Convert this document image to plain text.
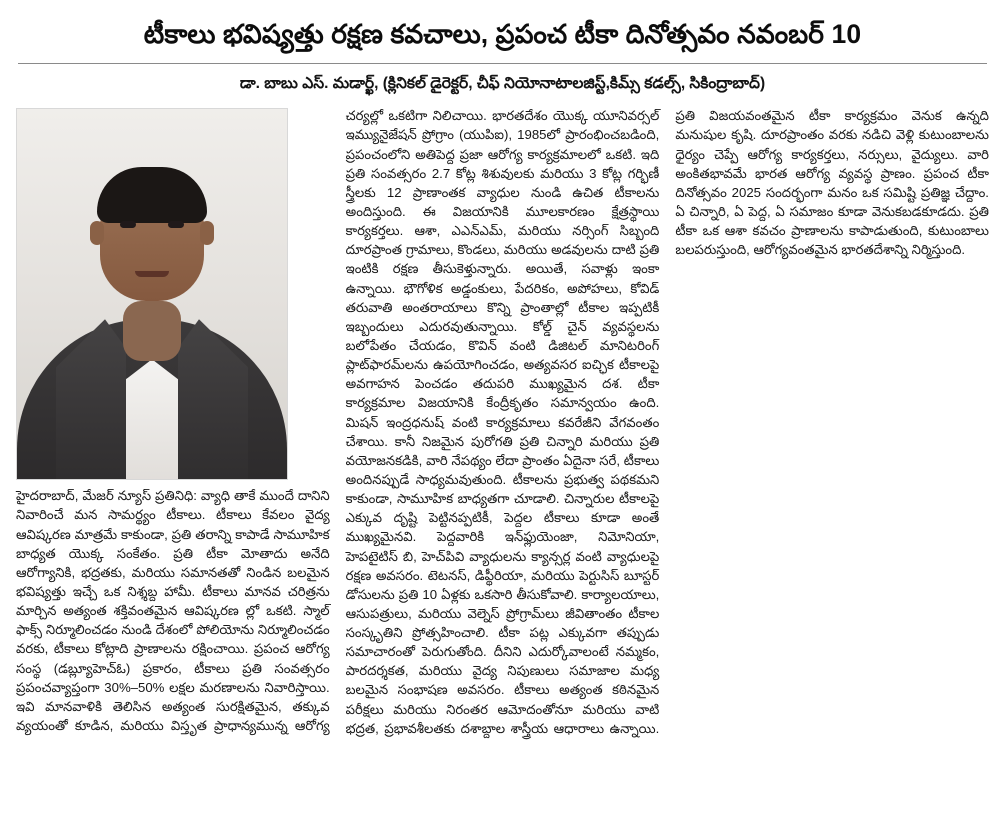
టీకాలు భవిష్యత్తు రక్షణ కవచాలు, ప్రపంచ టీకా దినోత్సవం నవంబర్ 10
డా. బాబు ఎస్. మడార్ఖ్, (క్లినికల్ డైరెక్టర్, చీఫ్ నియోనాటాలజిస్ట్,కిమ్స్ కడల్స్, సికింద్రాబాద్)

హైదరాబాద్, మేజర్ న్యూస్ ప్రతినిధి: వ్యాధి తాకే ముందే దానిని నివారించే మన సామర్థ్యం టీకాలు. టీకాలు కేవలం వైద్య ఆవిష్కరణ మాత్రమే కాకుండా, ప్రతి తరాన్ని కాపాడే సామూహిక బాధ్యత యొక్క సంకేతం. ప్రతి టీకా మోతాదు అనేది ఆరోగ్యానికి, భద్రతకు, మరియు సమానతతో నిండిన బలమైన భవిష్యత్తు ఇచ్చే ఒక నిశ్శబ్ద హామీ. టీకాలు మానవ చరిత్రను మార్చిన అత్యంత శక్తివంతమైన ఆవిష్కరణ ల్లో ఒకటి. స్మాల్ ఫాక్స్ నిర్మూలించడం నుండి దేశంలో పోలియోను నిర్మూలించడం వరకు, టీకాలు కోట్లాది ప్రాణాలను రక్షించాయి. ప్రపంచ ఆరోగ్య సంస్థ (డబ్ల్యూహెచ్ఓ) ప్రకారం, టీకాలు ప్రతి సంవత్సరం ప్రపంచవ్యాప్తంగా 30%–50% లక్షల మరణాలను నివారిస్తాయి. ఇవి మానవాళికి తెలిసిన అత్యంత సురక్షితమైన, తక్కువ వ్యయంతో కూడిన, మరియు విస్తృత ప్రాధాన్యమున్న ఆరోగ్య చర్యల్లో ఒకటిగా నిలిచాయి. భారతదేశం యొక్క యూనివర్సల్ ఇమ్యునైజేషన్ ప్రోగ్రాం (యుపిఐ), 1985లో ప్రారంభించబడింది, ప్రపంచంలోని అతిపెద్ద ప్రజా ఆరోగ్య కార్యక్రమాలలో ఒకటి. ఇది ప్రతి సంవత్సరం 2.7 కోట్ల శిశువులకు మరియు 3 కోట్ల గర్భిణీ స్త్రీలకు 12 ప్రాణాంతక వ్యాధుల నుండి ఉచిత టీకాలను అందిస్తుంది. ఈ విజయానికి మూలకారణం క్షేత్రస్థాయి కార్యకర్తలు. ఆశా, ఎఎన్ఎమ్, మరియు నర్సింగ్ సిబ్బంది దూరప్రాంత గ్రామాలు, కొండలు, మరియు అడవులను దాటి ప్రతి ఇంటికి రక్షణ తీసుకెళ్తున్నారు. అయితే, సవాళ్లు ఇంకా ఉన్నాయి. భౌగోళిక అడ్డంకులు, పేదరికం, అపోహలు, కోవిడ్ తరువాతి అంతరాయాలు కొన్ని ప్రాంతాల్లో టీకాల ఇప్పటికీ ఇబ్బందులు ఎదురవుతున్నాయి. కోల్డ్ చైన్ వ్యవస్థలను బలోపేతం చేయడం, కొవిన్ వంటి డిజిటల్ మానిటరింగ్ ప్లాట్‌ఫారమ్‌లను ఉపయోగించడం, అత్యవసర ఐచ్ఛిక టీకాలపై అవగాహన పెంచడం తదుపరి ముఖ్యమైన దశ. టీకా కార్యక్రమాల విజయానికి కేంద్రీకృతం సమాన్వయం ఉంది. మిషన్ ఇంద్రధనుష్ వంటి కార్యక్రమాలు కవరేజీని వేగవంతం చేశాయి. కానీ నిజమైన పురోగతి ప్రతి చిన్నారి మరియు ప్రతి వయోజనకడికి, వారి నేపథ్యం లేదా ప్రాంతం ఏదైనా సరే, టీకాలు అందినప్పుడే సాధ్యమవుతుంది. టీకాలను ప్రభుత్వ పథకమని కాకుండా, సామూహిక బాధ్యతగా చూడాలి. చిన్నారుల టీకాలపై ఎక్కువ దృష్టి పెట్టినప్పటికీ, పెద్దల టీకాలు కూడా అంతే ముఖ్యమైనవి. పెద్దవారికి ఇన్‌ఫ్లుయెంజా, నిమోనియా, హెపటైటిస్ బి, హెచ్‌పివి వ్యాధులను క్యాన్సర్ల వంటి వ్యాధులపై రక్షణ అవసరం. టెటనస్, డిప్థీరియా, మరియు పెర్టుసిస్ బూస్టర్ డోసులను ప్రతి 10 ఏళ్లకు ఒకసారి తీసుకోవాలి. కార్యాలయాలు, ఆసుపత్రులు, మరియు వెల్నెస్ ప్రోగ్రామ్‌లు జీవితాంతం టీకాల సంస్కృతిని ప్రోత్సహించాలి. టీకా పట్ల ఎక్కువగా తప్పుడు సమాచారంతో పెరుగుతోంది. దీనిని ఎదుర్కోవాలంటే నమ్మకం, పారదర్శకత, మరియు వైద్య నిపుణులు సమాజాల మధ్య బలమైన సంభాషణ అవసరం. టీకాలు అత్యంత కఠినమైన పరీక్షలు మరియు నిరంతర ఆమోదంతోనూ మరియు వాటి భద్రత, ప్రభావశీలతకు దశాబ్దాల శాస్త్రీయ ఆధారాలు ఉన్నాయి. ప్రతి విజయవంతమైన టీకా కార్యక్రమం వెనుక ఉన్నది మనుషుల కృషి. దూరప్రాంతం వరకు నడిచి వెళ్లి కుటుంబాలను ధైర్యం చెప్పే ఆరోగ్య కార్యకర్తలు, నర్సులు, వైద్యులు. వారి అంకితభావమే భారత ఆరోగ్య వ్యవస్థ ప్రాణం. ప్రపంచ టీకా దినోత్సవం 2025 సందర్భంగా మనం ఒక సమిష్టి ప్రతిజ్ఞ చేద్దాం. ఏ చిన్నారి, ఏ పెద్ద, ఏ సమాజం కూడా వెనుకబడకూడదు. ప్రతి టీకా ఒక ఆశా కవచం ప్రాణాలను కాపాడుతుంది, కుటుంబాలు బలపరుస్తుంది, ఆరోగ్యవంతమైన భారతదేశాన్ని నిర్మిస్తుంది.
